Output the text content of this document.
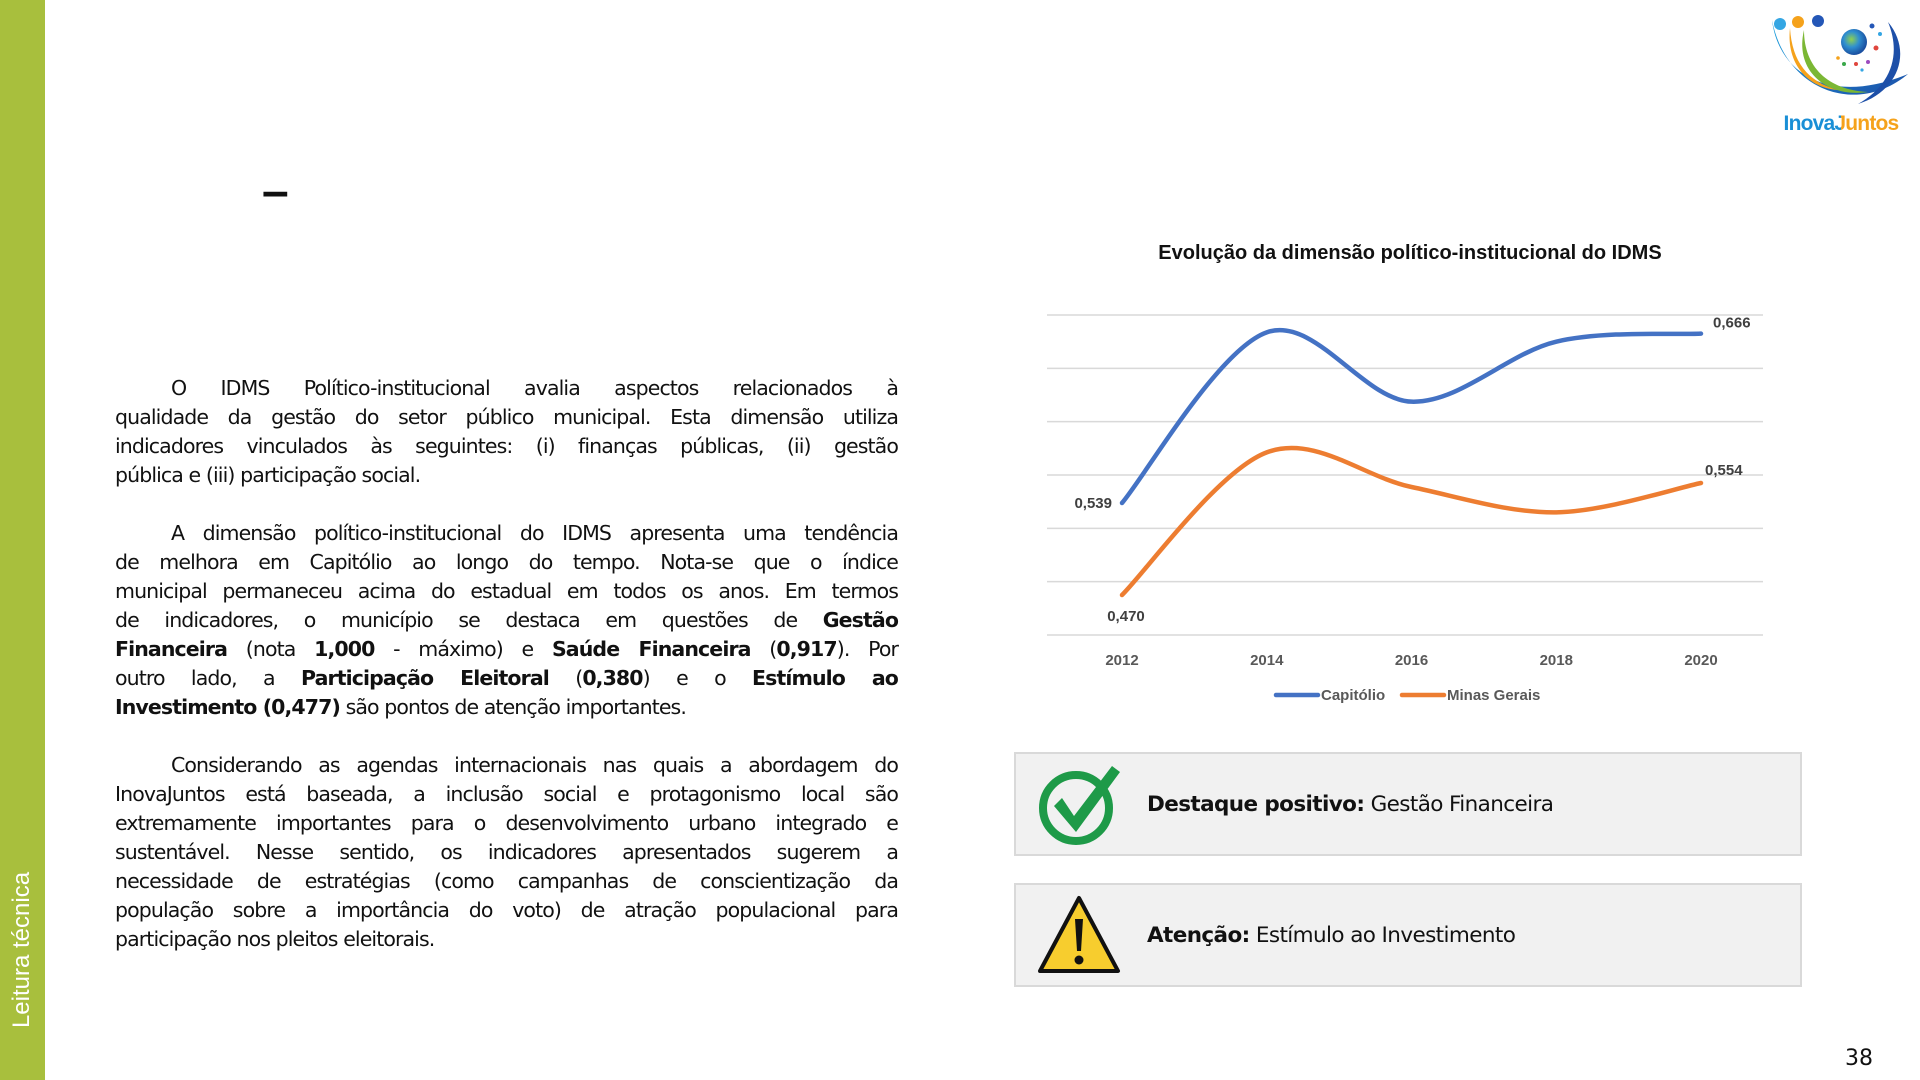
Leitura técnica
–
InovaJuntos
O IDMS Político-institucional avalia aspectos relacionados à
qualidade da gestão do setor público municipal. Esta dimensão utiliza
indicadores vinculados às seguintes: (i) finanças públicas, (ii) gestão
pública e (iii) participação social.
A dimensão político-institucional do IDMS apresenta uma tendência
de melhora em Capitólio ao longo do tempo. Nota-se que o índice
municipal permaneceu acima do estadual em todos os anos. Em termos
de indicadores, o município se destaca em questões de Gestão
Financeira (nota 1,000 - máximo) e Saúde Financeira (0,917). Por
outro lado, a Participação Eleitoral (0,380) e o Estímulo ao
Investimento (0,477) são pontos de atenção importantes.
Considerando as agendas internacionais nas quais a abordagem do
InovaJuntos está baseada, a inclusão social e protagonismo local são
extremamente importantes para o desenvolvimento urbano integrado e
sustentável. Nesse sentido, os indicadores apresentados sugerem a
necessidade de estratégias (como campanhas de conscientização da
população sobre a importância do voto) de atração populacional para
participação nos pleitos eleitorais.
Evolução da dimensão político-institucional do IDMS
2012	2014	2016	2018	2020
0,539
0,666
0,470
0,554
Capitólio	Minas Gerais
Destaque positivo: Gestão Financeira
Atenção: Estímulo ao Investimento
38
